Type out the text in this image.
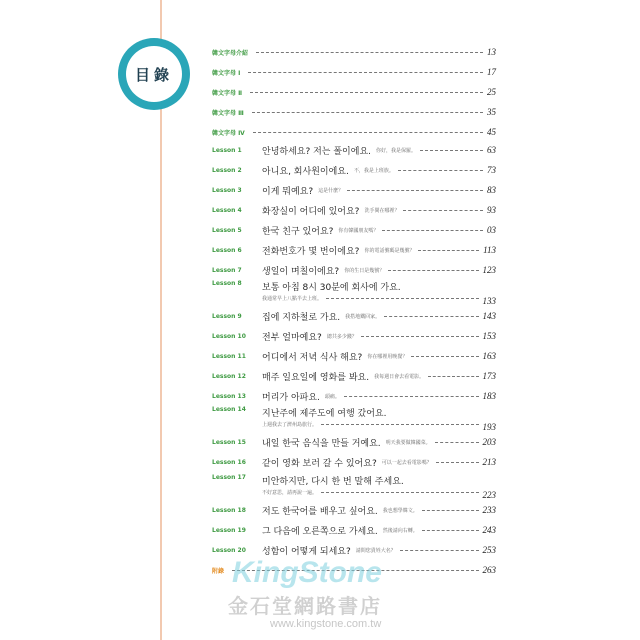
目錄
韓文字母介紹	13
韓文字母 Ⅰ	17
韓文字母 Ⅱ	25
韓文字母 Ⅲ	35
韓文字母 Ⅳ	45
Lesson 1	안녕하세요? 저는 폴이에요. 你好，我是保羅。	63
Lesson 2	아니요, 회사원이에요. 不，我是上班族。	73
Lesson 3	이게 뭐예요? 這是什麼？	83
Lesson 4	화장실이 어디에 있어요? 洗手間在哪裡？	93
Lesson 5	한국 친구 있어요? 你有韓國朋友嗎？	03
Lesson 6	전화번호가 몇 번이에요? 你的電話號碼是幾號？	113
Lesson 7	생일이 며칠이에요? 你的生日是幾號？	123
Lesson 8	보통 아침 8시 30분에 회사에 가요.
我通常早上八點半去上班。	133
Lesson 9	집에 지하철로 가요. 我搭地鐵回家。	143
Lesson 10	전부 얼마예요? 總共多少錢？	153
Lesson 11	어디에서 저녁 식사 해요? 你在哪裡用晚餐？	163
Lesson 12	매주 일요일에 영화를 봐요. 我每週日會去看電影。	173
Lesson 13	머리가 아파요. 頭痛。	183
Lesson 14	지난주에 제주도에 여행 갔어요.
上週我去了濟州島旅行。	193
Lesson 15	내일 한국 음식을 만들 거예요. 明天我要做韓國菜。	203
Lesson 16	같이 영화 보러 갈 수 있어요? 可以一起去看電影嗎？	213
Lesson 17	미안하지만, 다시 한 번 말해 주세요.
不好意思，請再說一遍。	223
Lesson 18	저도 한국어를 배우고 싶어요. 我也想學韓文。	233
Lesson 19	그 다음에 오른쪽으로 가세요. 然後請向右轉。	243
Lesson 20	성함이 어떻게 되세요? 請問您貴姓大名？	253
附錄	263
KingStone
金石堂網路書店
www.kingstone.com.tw
